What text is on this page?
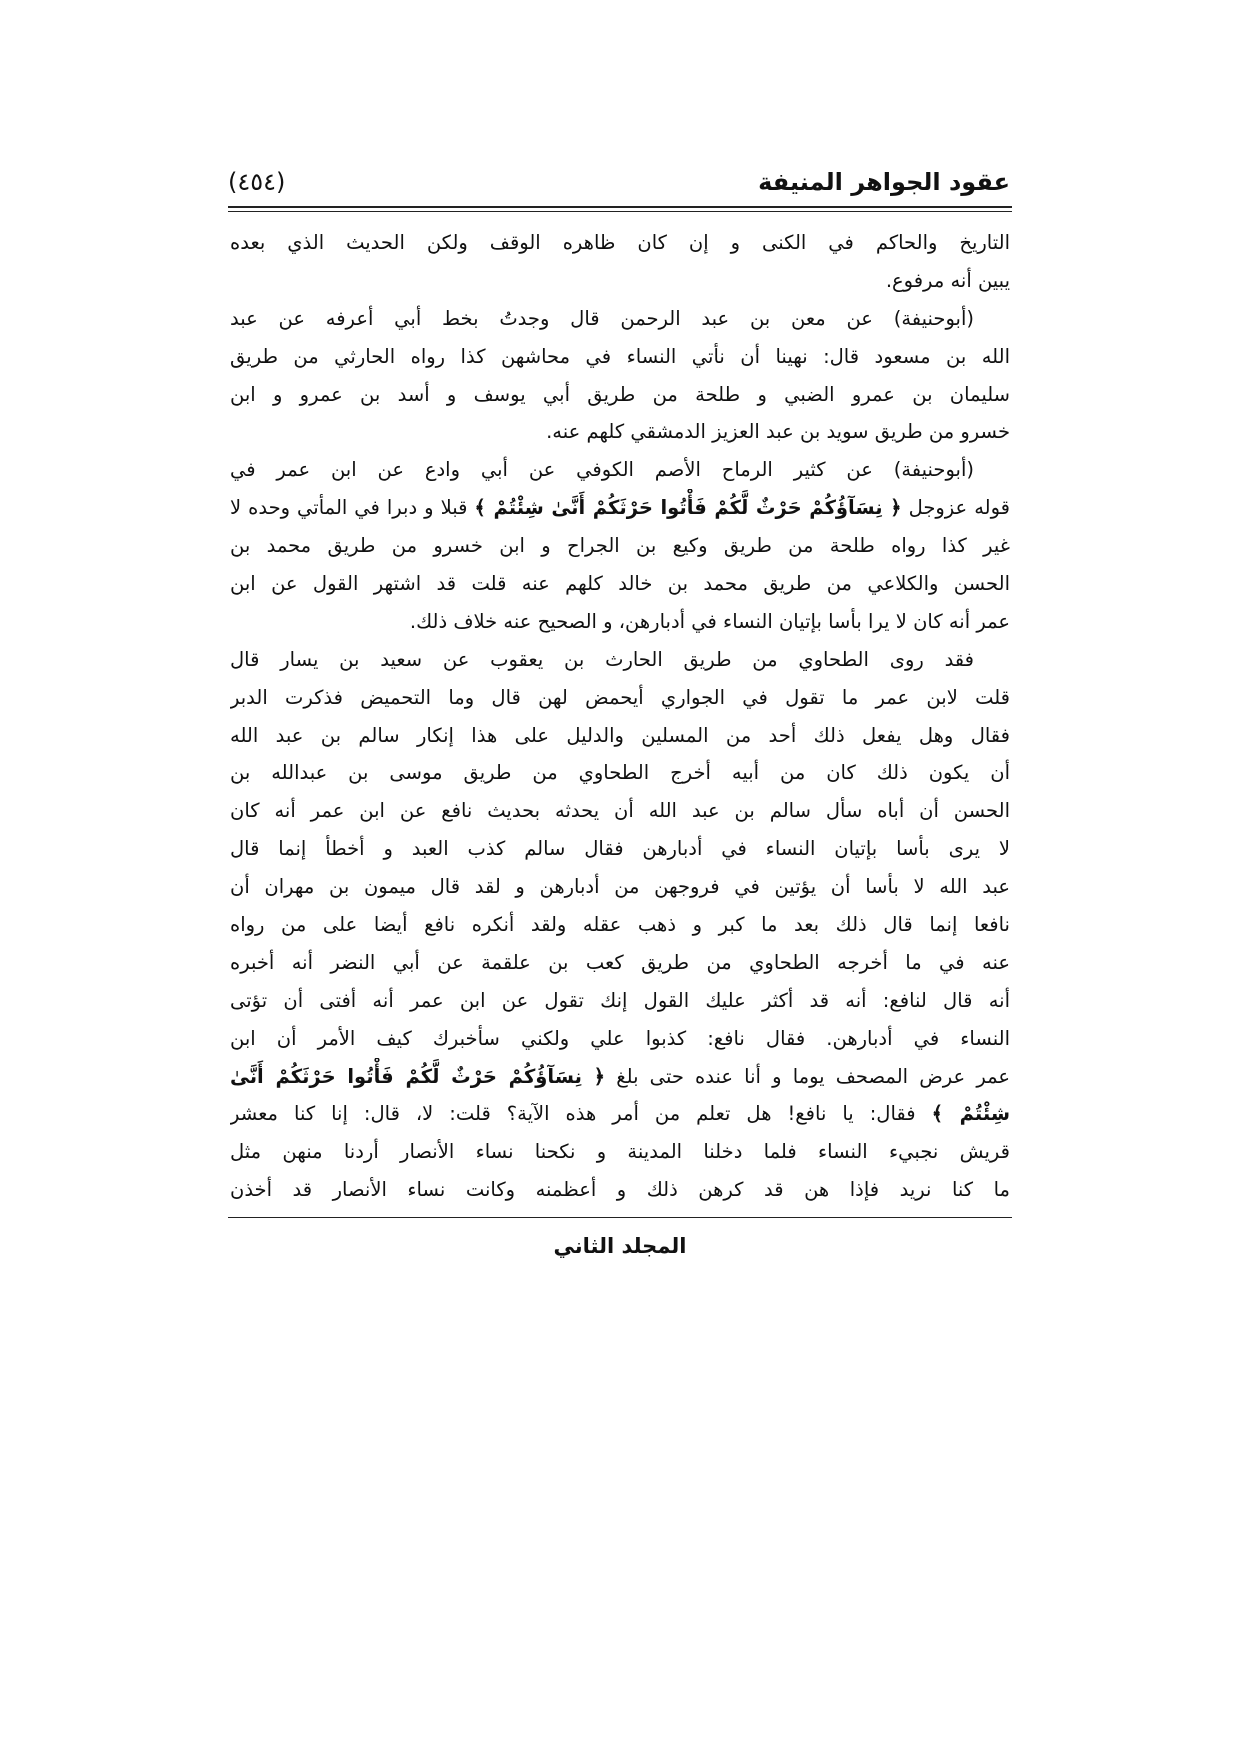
عقود الجواهر المنيفة
(٤٥٤)
التاريخ والحاكم في الكنى و إن كان ظاهره الوقف ولكن الحديث الذي بعده
يبين أنه مرفوع.
(أبوحنيفة) عن معن بن عبد الرحمن قال وجدتُ بخط أبي أعرفه عن عبد
الله بن مسعود قال: نهينا أن نأتي النساء في محاشهن كذا رواه الحارثي من طريق
سليمان بن عمرو الضبي و طلحة من طريق أبي يوسف و أسد بن عمرو و ابن
خسرو من طريق سويد بن عبد العزيز الدمشقي كلهم عنه.
(أبوحنيفة) عن كثير الرماح الأصم الكوفي عن أبي وادع عن ابن عمر في
قوله عزوجل ﴿ نِسَآؤُكُمْ حَرْثٌ لَّكُمْ فَأْتُوا حَرْثَكُمْ أَنَّىٰ شِئْتُمْ ﴾ قبلا و دبرا في المأتي وحده لا
غير كذا رواه طلحة من طريق وكيع بن الجراح و ابن خسرو من طريق محمد بن
الحسن والكلاعي من طريق محمد بن خالد كلهم عنه قلت قد اشتهر القول عن ابن
عمر أنه كان لا يرا بأسا بإتيان النساء في أدبارهن، و الصحيح عنه خلاف ذلك.
فقد روى الطحاوي من طريق الحارث بن يعقوب عن سعيد بن يسار قال
قلت لابن عمر ما تقول في الجواري أيحمض لهن قال وما التحميض فذكرت الدبر
فقال وهل يفعل ذلك أحد من المسلين والدليل على هذا إنكار سالم بن عبد الله
أن يكون ذلك كان من أبيه أخرج الطحاوي من طريق موسى بن عبدالله بن
الحسن أن أباه سأل سالم بن عبد الله أن يحدثه بحديث نافع عن ابن عمر أنه كان
لا يرى بأسا بإتيان النساء في أدبارهن فقال سالم كذب العبد و أخطأ إنما قال
عبد الله لا بأسا أن يؤتين في فروجهن من أدبارهن و لقد قال ميمون بن مهران أن
نافعا إنما قال ذلك بعد ما كبر و ذهب عقله ولقد أنكره نافع أيضا على من رواه
عنه في ما أخرجه الطحاوي من طريق كعب بن علقمة عن أبي النضر أنه أخبره
أنه قال لنافع: أنه قد أكثر عليك القول إنك تقول عن ابن عمر أنه أفتى أن تؤتى
النساء في أدبارهن. فقال نافع: كذبوا علي ولكني سأخبرك كيف الأمر أن ابن
عمر عرض المصحف يوما و أنا عنده حتى بلغ ﴿ نِسَآؤُكُمْ حَرْثٌ لَّكُمْ فَأْتُوا حَرْثَكُمْ أَنَّىٰ
شِئْتُمْ ﴾ فقال: يا نافع! هل تعلم من أمر هذه الآية؟ قلت: لا، قال: إنا كنا معشر
قريش نجبيء النساء فلما دخلنا المدينة و نكحنا نساء الأنصار أردنا منهن مثل
ما كنا نريد فإذا هن قد كرهن ذلك و أعظمنه وكانت نساء الأنصار قد أخذن
المجلد الثاني
